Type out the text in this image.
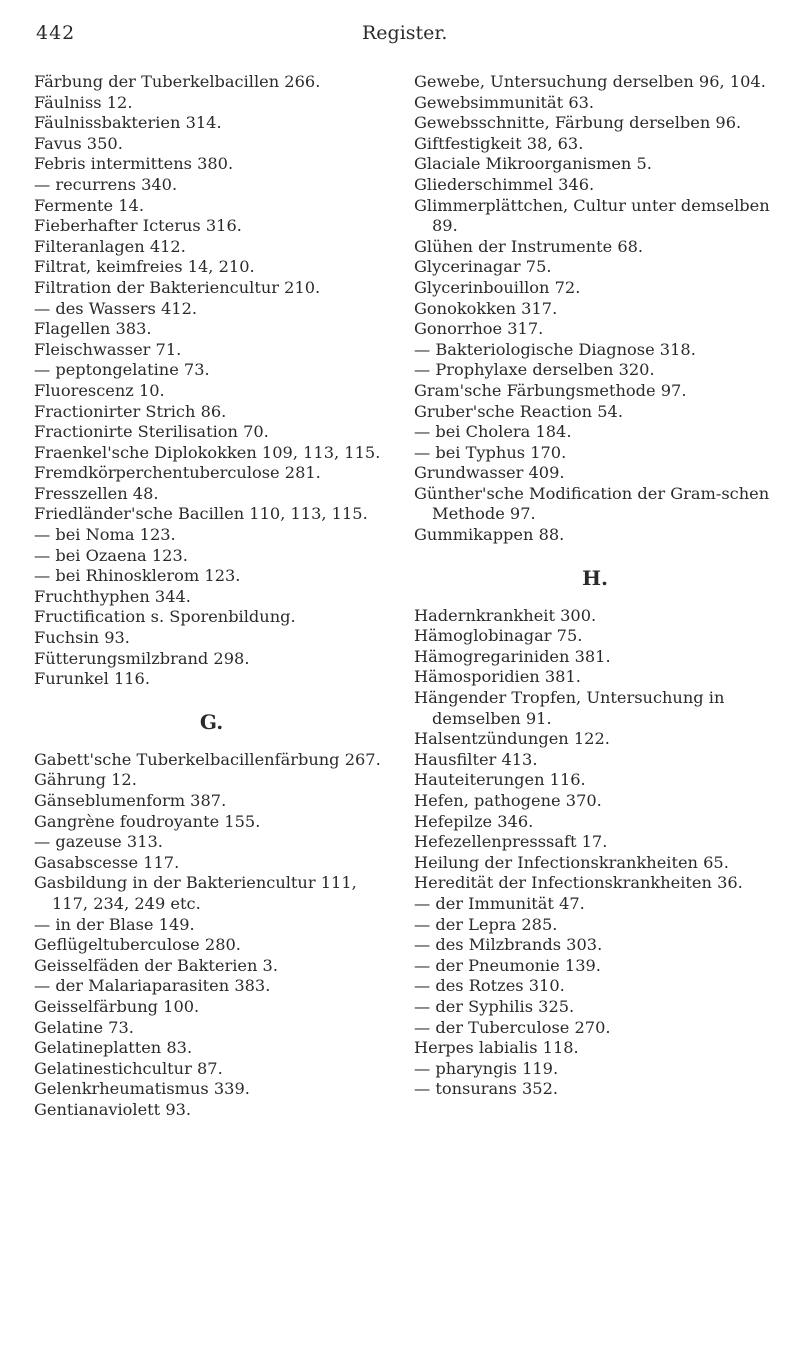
442	Register.
Färbung der Tuberkelbacillen 266.
Fäulniss 12.
Fäulnissbakterien 314.
Favus 350.
Febris intermittens 380.
— recurrens 340.
Fermente 14.
Fieberhafter Icterus 316.
Filteranlagen 412.
Filtrat, keimfreies 14, 210.
Filtration der Bakteriencultur 210.
— des Wassers 412.
Flagellen 383.
Fleischwasser 71.
— peptongelatine 73.
Fluorescenz 10.
Fractionirter Strich 86.
Fractionirte Sterilisation 70.
Fraenkel'sche Diplokokken 109, 113, 115.
Fremdkörperchentuberculose 281.
Fresszellen 48.
Friedländer'sche Bacillen 110, 113, 115.
— bei Noma 123.
— bei Ozaena 123.
— bei Rhinosklerom 123.
Fruchthyphen 344.
Fructification s. Sporenbildung.
Fuchsin 93.
Fütterungsmilzbrand 298.
Furunkel 116.
G.
Gabett'sche Tuberkelbacillenfärbung 267.
Gährung 12.
Gänseblumenform 387.
Gangrène foudroyante 155.
— gazeuse 313.
Gasabscesse 117.
Gasbildung in der Bakteriencultur 111, 117, 234, 249 etc.
— in der Blase 149.
Geflügeltuberculose 280.
Geisselfäden der Bakterien 3.
— der Malariaparasiten 383.
Geisselfärbung 100.
Gelatine 73.
Gelatineplatten 83.
Gelatinestichcultur 87.
Gelenkrheumatismus 339.
Gentianaviolett 93.
Gewebe, Untersuchung derselben 96, 104.
Gewebsimmunität 63.
Gewebsschnitte, Färbung derselben 96.
Giftfestigkeit 38, 63.
Glaciale Mikroorganismen 5.
Gliederschimmel 346.
Glimmerplättchen, Cultur unter demselben 89.
Glühen der Instrumente 68.
Glycerinagar 75.
Glycerinbouillon 72.
Gonokokken 317.
Gonorrhoe 317.
— Bakteriologische Diagnose 318.
— Prophylaxe derselben 320.
Gram'sche Färbungsmethode 97.
Gruber'sche Reaction 54.
— bei Cholera 184.
— bei Typhus 170.
Grundwasser 409.
Günther'sche Modification der Gram-schen Methode 97.
Gummikappen 88.
H.
Hadernkrankheit 300.
Hämoglobinagar 75.
Hämogregariniden 381.
Hämosporidien 381.
Hängender Tropfen, Untersuchung in demselben 91.
Halsentzündungen 122.
Hausfilter 413.
Hauteiterungen 116.
Hefen, pathogene 370.
Hefepilze 346.
Hefezellenpresssaft 17.
Heilung der Infectionskrankheiten 65.
Heredität der Infectionskrankheiten 36.
— der Immunität 47.
— der Lepra 285.
— des Milzbrands 303.
— der Pneumonie 139.
— des Rotzes 310.
— der Syphilis 325.
— der Tuberculose 270.
Herpes labialis 118.
— pharyngis 119.
— tonsurans 352.
